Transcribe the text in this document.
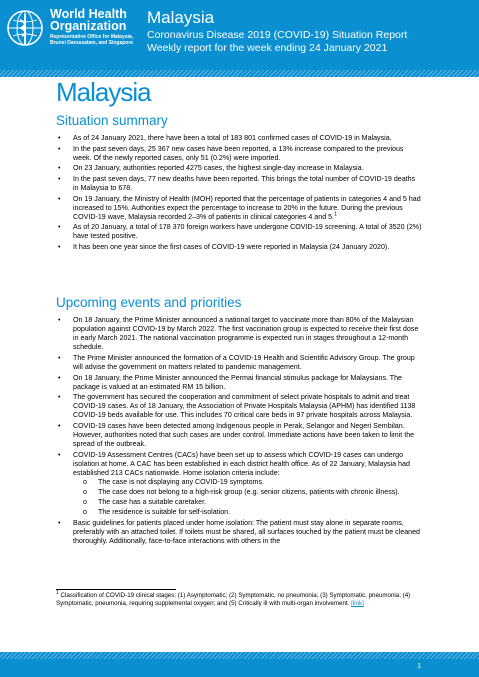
World Health Organization
Representative Office for Malaysia, Brunei Darussalam, and Singapore
Malaysia
Coronavirus Disease 2019 (COVID-19) Situation Report
Weekly report for the week ending 24 January 2021
Malaysia
Situation summary
• As of 24 January 2021, there have been a total of 183 801 confirmed cases of COVID-19 in Malaysia.
• In the past seven days, 25 367 new cases have been reported, a 13% increase compared to the previous week. Of the newly reported cases, only 51 (0.2%) were imported.
• On 23 January, authorities reported 4275 cases, the highest single-day increase in Malaysia.
• In the past seven days, 77 new deaths have been reported. This brings the total number of COVID-19 deaths in Malaysia to 678.
• On 19 January, the Ministry of Health (MOH) reported that the percentage of patients in categories 4 and 5 had increased to 15%. Authorities expect the percentage to increase to 20% in the future. During the previous COVID-19 wave, Malaysia recorded 2–3% of patients in clinical categories 4 and 5.$^1$
• As of 20 January, a total of 178 370 foreign workers have undergone COVID-19 screening. A total of 3520 (2%) have tested positive.
• It has been one year since the first cases of COVID-19 were reported in Malaysia (24 January 2020).
Upcoming events and priorities
• On 18 January, the Prime Minister announced a national target to vaccinate more than 80% of the Malaysian population against COVID-19 by March 2022. The first vaccination group is expected to receive their first dose in early March 2021. The national vaccination programme is expected run in stages throughout a 12-month schedule.
• The Prime Minister announced the formation of a COVID-19 Health and Scientific Advisory Group. The group will advise the government on matters related to pandemic management.
• On 18 January, the Prime Minister announced the Permai financial stimulus package for Malaysians. The package is valued at an estimated RM 15 billion.
• The government has secured the cooperation and commitment of select private hospitals to admit and treat COVID-19 cases. As of 18 January, the Association of Private Hospitals Malaysia (APHM) has identified 1138 COVID-19 beds available for use. This includes 70 critical care beds in 97 private hospitals across Malaysia.
• COVID-19 cases have been detected among Indigenous people in Perak, Selangor and Negeri Sembilan. However, authorities noted that such cases are under control. Immediate actions have been taken to limit the spread of the outbreak.
• COVID-19 Assessment Centres (CACs) have been set up to assess which COVID-19 cases can undergo isolation at home. A CAC has been established in each district health office. As of 22 January, Malaysia had established 213 CACs nationwide. Home isolation criteria include:
o The case is not displaying any COVID-19 symptoms.
o The case does not belong to a high-risk group (e.g. senior citizens, patients with chronic illness).
o The case has a suitable caretaker.
o The residence is suitable for self-isolation.
• Basic guidelines for patients placed under home isolation: The patient must stay alone in separate rooms, preferably with an attached toilet. If toilets must be shared, all surfaces touched by the patient must be cleaned thoroughly. Additionally, face-to-face interactions with others in the
$^1$ Classification of COVID-19 clinical stages: (1) Asymptomatic; (2) Symptomatic, no pneumonia; (3) Symptomatic, pneumonia; (4) Symptomatic, pneumonia, requiring supplemental oxygen; and (5) Critically ill with multi-organ involvement. [link]
1
